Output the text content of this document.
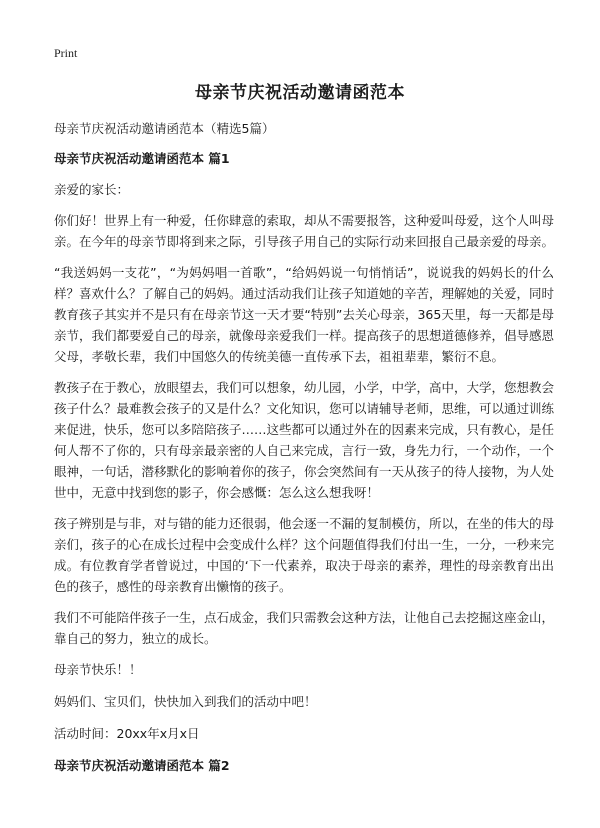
Print
母亲节庆祝活动邀请函范本

母亲节庆祝活动邀请函范本（精选5篇）

母亲节庆祝活动邀请函范本 篇1

亲爱的家长：

你们好！世界上有一种爱，任你肆意的索取，却从不需要报答，这种爱叫母爱，这个人叫母亲。在今年的母亲节即将到来之际，引导孩子用自己的实际行动来回报自己最亲爱的母亲。

“我送妈妈一支花”，“为妈妈唱一首歌”，“给妈妈说一句悄悄话”，说说我的妈妈长的什么样？喜欢什么？了解自己的妈妈。通过活动我们让孩子知道她的辛苦，理解她的关爱，同时教育孩子其实并不是只有在母亲节这一天才要“特别”去关心母亲，365天里，每一天都是母亲节，我们都要爱自己的母亲，就像母亲爱我们一样。提高孩子的思想道德修养，倡导感恩父母，孝敬长辈，我们中国悠久的传统美德一直传承下去，祖祖辈辈，繁衍不息。

教孩子在于教心，放眼望去，我们可以想象，幼儿园，小学，中学，高中，大学，您想教会孩子什么？最难教会孩子的又是什么？文化知识，您可以请辅导老师，思维，可以通过训练来促进，快乐，您可以多陪陪孩子……这些都可以通过外在的因素来完成，只有教心，是任何人帮不了你的，只有母亲最亲密的人自己来完成，言行一致，身先力行，一个动作，一个眼神，一句话，潜移默化的影响着你的孩子，你会突然间有一天从孩子的待人接物，为人处世中，无意中找到您的影子，你会感慨：怎么这么想我呀！

孩子辨别是与非，对与错的能力还很弱，他会逐一不漏的复制模仿，所以，在坐的伟大的母亲们，孩子的心在成长过程中会变成什么样？这个问题值得我们付出一生，一分，一秒来完成。有位教育学者曾说过，中国的‘下一代素养，取决于母亲的素养，理性的母亲教育出出色的孩子，感性的母亲教育出懒惰的孩子。

我们不可能陪伴孩子一生，点石成金，我们只需教会这种方法，让他自己去挖掘这座金山，靠自己的努力，独立的成长。

母亲节快乐！！

妈妈们、宝贝们，快快加入到我们的活动中吧！

活动时间：20xx年x月x日

母亲节庆祝活动邀请函范本 篇2
